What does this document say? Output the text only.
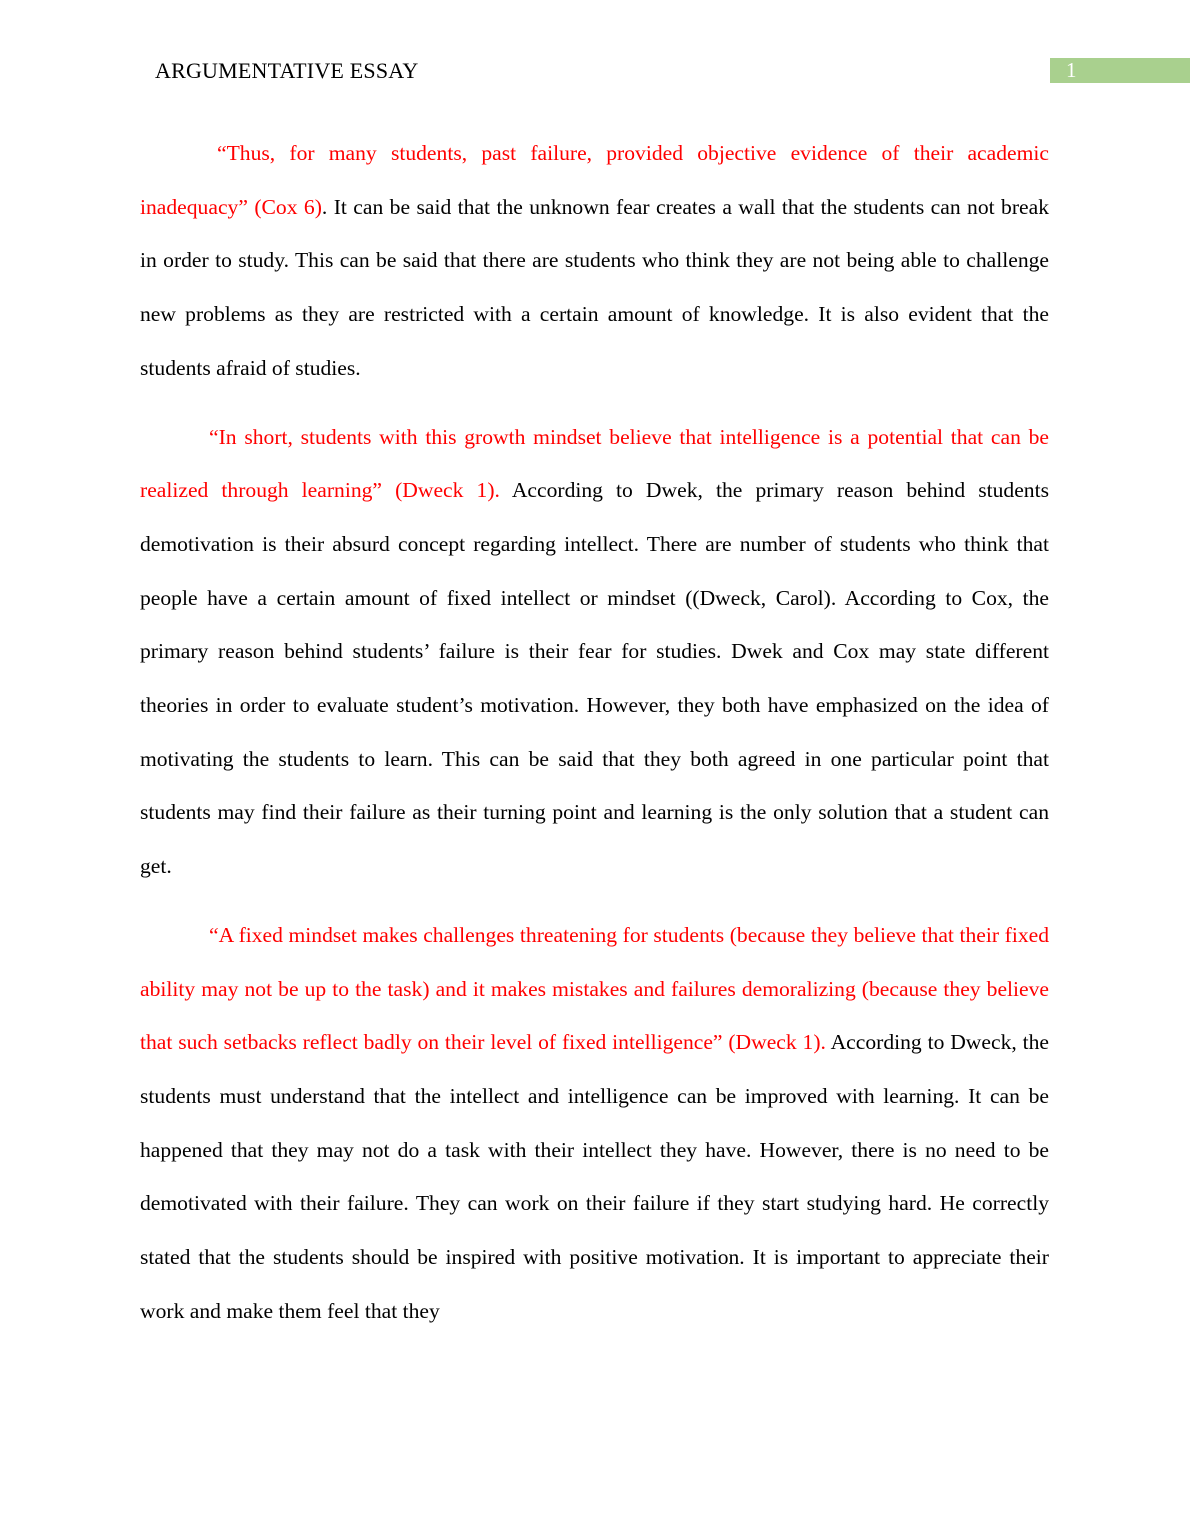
ARGUMENTATIVE ESSAY	1

“Thus, for many students, past failure, provided objective evidence of their academic inadequacy” (Cox 6). It can be said that the unknown fear creates a wall that the students can not break in order to study. This can be said that there are students who think they are not being able to challenge new problems as they are restricted with a certain amount of knowledge. It is also evident that the students afraid of studies.

“In short, students with this growth mindset believe that intelligence is a potential that can be realized through learning” (Dweck 1). According to Dwek, the primary reason behind students demotivation is their absurd concept regarding intellect. There are number of students who think that people have a certain amount of fixed intellect or mindset ((Dweck, Carol). According to Cox, the primary reason behind students’ failure is their fear for studies. Dwek and Cox may state different theories in order to evaluate student’s motivation. However, they both have emphasized on the idea of motivating the students to learn. This can be said that they both agreed in one particular point that students may find their failure as their turning point and learning is the only solution that a student can get.

“A fixed mindset makes challenges threatening for students (because they believe that their fixed ability may not be up to the task) and it makes mistakes and failures demoralizing (because they believe that such setbacks reflect badly on their level of fixed intelligence” (Dweck 1). According to Dweck, the students must understand that the intellect and intelligence can be improved with learning. It can be happened that they may not do a task with their intellect they have. However, there is no need to be demotivated with their failure. They can work on their failure if they start studying hard. He correctly stated that the students should be inspired with positive motivation. It is important to appreciate their work and make them feel that they
